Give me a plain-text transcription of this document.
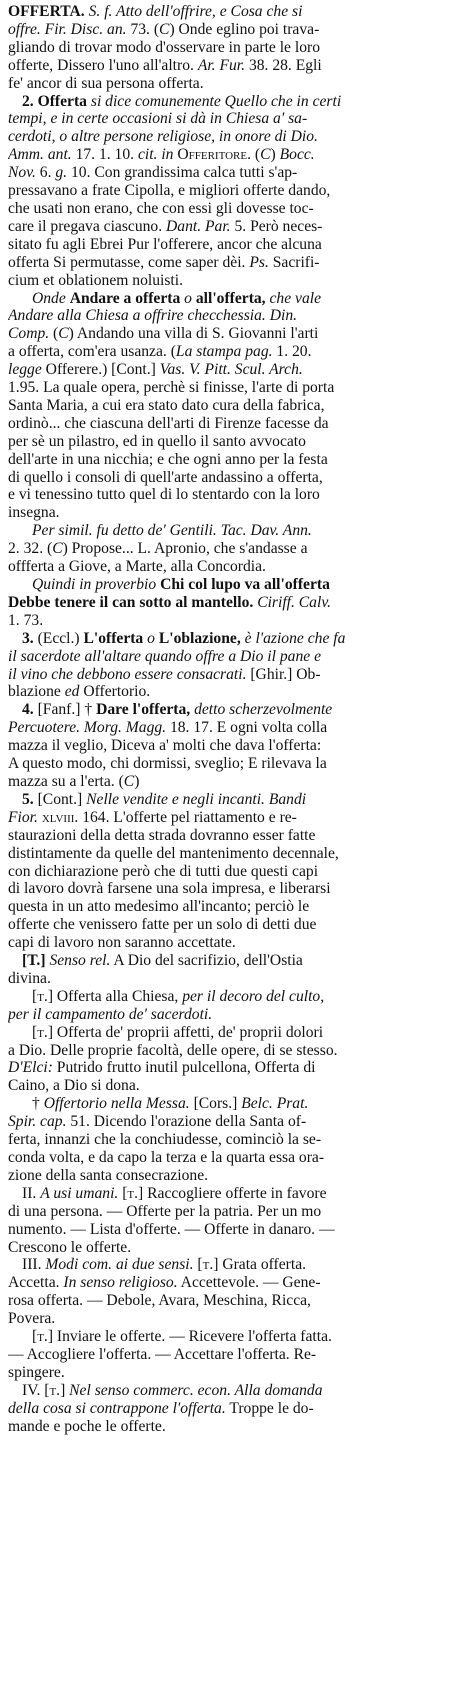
OFFERTA. S. f. Atto dell'offrire, e Cosa che si
offre. Fir. Disc. an. 73. (C) Onde eglino poi trava-
gliando di trovar modo d'osservare in parte le loro
offerte, Dissero l'uno all'altro. Ar. Fur. 38. 28. Egli
fe' ancor di sua persona offerta.
2. Offerta si dice comunemente Quello che in certi
tempi, e in certe occasioni si dà in Chiesa a' sa-
cerdoti, o altre persone religiose, in onore di Dio.
Amm. ant. 17. 1. 10. cit. in Offeritore. (C) Bocc.
Nov. 6. g. 10. Con grandissima calca tutti s'ap-
pressavano a frate Cipolla, e migliori offerte dando,
che usati non erano, che con essi gli dovesse toc-
care il pregava ciascuno. Dant. Par. 5. Però neces-
sitato fu agli Ebrei Pur l'offerere, ancor che alcuna
offerta Si permutasse, come saper dèi. Ps. Sacrifi-
cium et oblationem noluisti.
Onde Andare a offerta o all'offerta, che vale
Andare alla Chiesa a offrire checchessia. Din.
Comp. (C) Andando una villa di S. Giovanni l'arti
a offerta, com'era usanza. (La stampa pag. 1. 20.
legge Offerere.) [Cont.] Vas. V. Pitt. Scul. Arch.
1.95. La quale opera, perchè si finisse, l'arte di porta
Santa Maria, a cui era stato dato cura della fabrica,
ordinò... che ciascuna dell'arti di Firenze facesse da
per sè un pilastro, ed in quello il santo avvocato
dell'arte in una nicchia; e che ogni anno per la festa
di quello i consoli di quell'arte andassino a offerta,
e vi tenessino tutto quel di lo stentardo con la loro
insegna.
Per simil. fu detto de' Gentili. Tac. Dav. Ann.
2. 32. (C) Propose... L. Apronio, che s'andasse a
offferta a Giove, a Marte, alla Concordia.
Quindi in proverbio Chi col lupo va all'offerta
Debbe tenere il can sotto al mantello. Ciriff. Calv.
1. 73.
3. (Eccl.) L'offerta o L'oblazione, è l'azione che fa
il sacerdote all'altare quando offre a Dio il pane e
il vino che debbono essere consacrati. [Ghir.] Ob-
blazione ed Offertorio.
4. [Fanf.] † Dare l'offerta, detto scherzevolmente
Percuotere. Morg. Magg. 18. 17. E ogni volta colla
mazza il veglio, Diceva a' molti che dava l'offerta:
A questo modo, chi dormissi, sveglio; E rilevava la
mazza su a l'erta. (C)
5. [Cont.] Nelle vendite e negli incanti. Bandi
Fior. xlviii. 164. L'offerte pel riattamento e re-
staurazioni della detta strada dovranno esser fatte
distintamente da quelle del mantenimento decennale,
con dichiarazione però che di tutti due questi capi
di lavoro dovrà farsene una sola impresa, e liberarsi
questa in un atto medesimo all'incanto; perciò le
offerte che venissero fatte per un solo di detti due
capi di lavoro non saranno accettate.
[T.] Senso rel. A Dio del sacrifizio, dell'Ostia
divina.
[t.] Offerta alla Chiesa, per il decoro del culto,
per il campamento de' sacerdoti.
[t.] Offerta de' proprii affetti, de' proprii dolori
a Dio. Delle proprie facoltà, delle opere, di se stesso.
D'Elci: Putrido frutto inutil pulcellona, Offerta di
Caino, a Dio si dona.
† Offertorio nella Messa. [Cors.] Belc. Prat.
Spir. cap. 51. Dicendo l'orazione della Santa of-
ferta, innanzi che la conchiudesse, cominciò la se-
conda volta, e da capo la terza e la quarta essa ora-
zione della santa consecrazione.
II. A usi umani. [t.] Raccogliere offerte in favore
di una persona. — Offerte per la patria. Per un mo
numento. — Lista d'offerte. — Offerte in danaro. —
Crescono le offerte.
III. Modi com. ai due sensi. [t.] Grata offerta.
Accetta. In senso religioso. Accettevole. — Gene-
rosa offerta. — Debole, Avara, Meschina, Ricca,
Povera.
[t.] Inviare le offerte. — Ricevere l'offerta fatta.
— Accogliere l'offerta. — Accettare l'offerta. Re-
spingere.
IV. [t.] Nel senso commerc. econ. Alla domanda
della cosa si contrappone l'offerta. Troppe le do-
mande e poche le offerte.
